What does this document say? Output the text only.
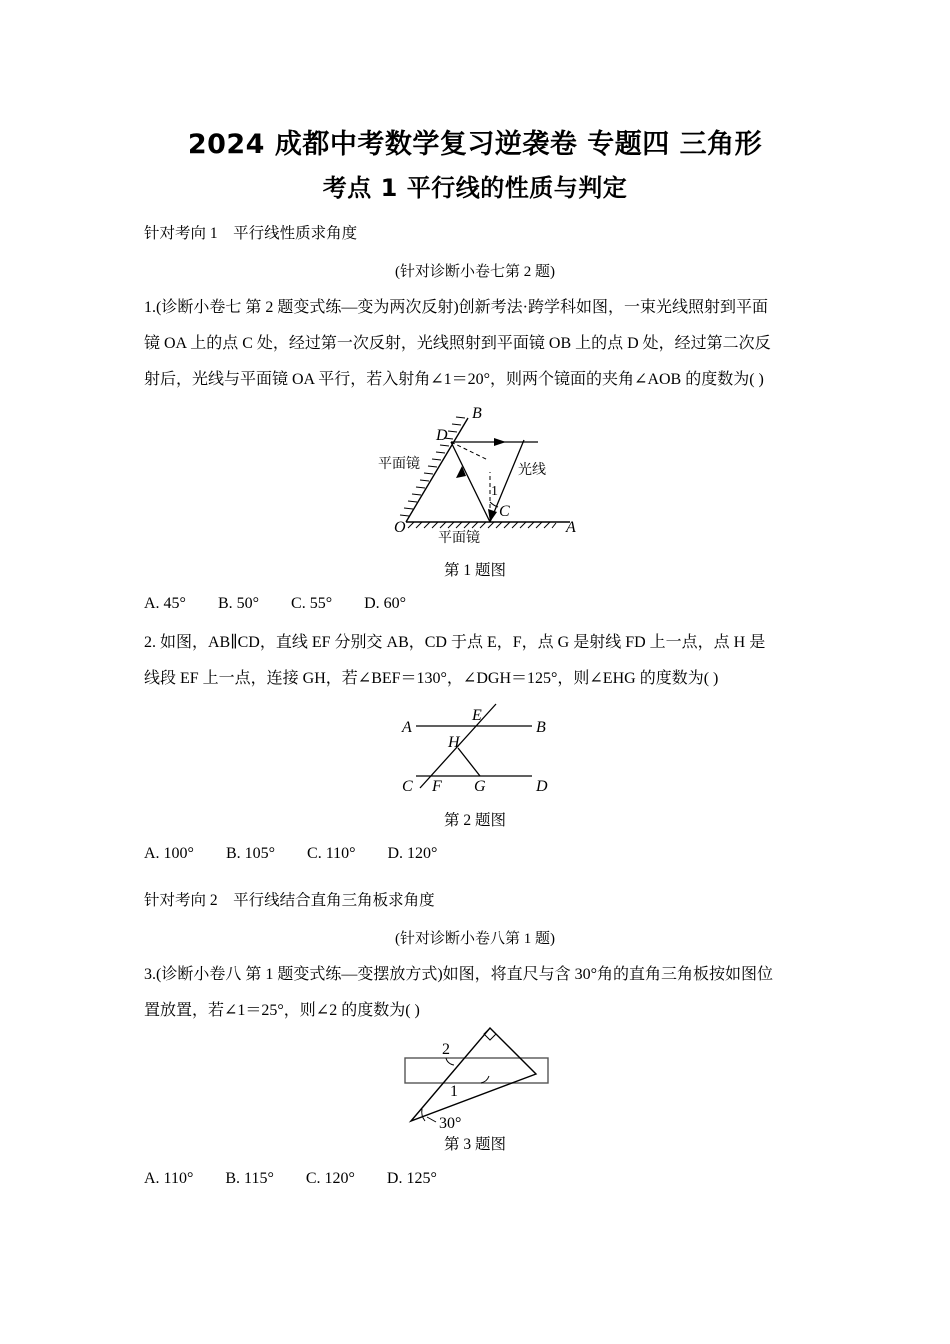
2024 成都中考数学复习逆袭卷 专题四 三角形
考点 1 平行线的性质与判定
针对考向 1    平行线性质求角度
(针对诊断小卷七第 2 题)
1.(诊断小卷七 第 2 题变式练—变为两次反射)创新考法·跨学科如图，一束光线照射到平面
镜 OA 上的点 C 处，经过第一次反射，光线照射到平面镜 OB 上的点 D 处，经过第二次反
射后，光线与平面镜 OA 平行，若入射角∠1＝20°，则两个镜面的夹角∠AOB 的度数为( )
B
D
O	A
C
1
平面镜
平面镜
光线
第 1 题图
A. 45°        B. 50°        C. 55°        D. 60°
2. 如图，AB∥CD，直线 EF 分别交 AB，CD 于点 E，F，点 G 是射线 FD 上一点，点 H 是
线段 EF 上一点，连接 GH，若∠BEF＝130°，∠DGH＝125°，则∠EHG 的度数为( )
A	B
C	D
E
F G
H
第 2 题图
A. 100°        B. 105°        C. 110°        D. 120°
针对考向 2    平行线结合直角三角板求角度
(针对诊断小卷八第 1 题)
3.(诊断小卷八 第 1 题变式练—变摆放方式)如图，将直尺与含 30°角的直角三角板按如图位
置放置，若∠1＝25°，则∠2 的度数为( )
2
1
30°
第 3 题图
A. 110°        B. 115°        C. 120°        D. 125°
